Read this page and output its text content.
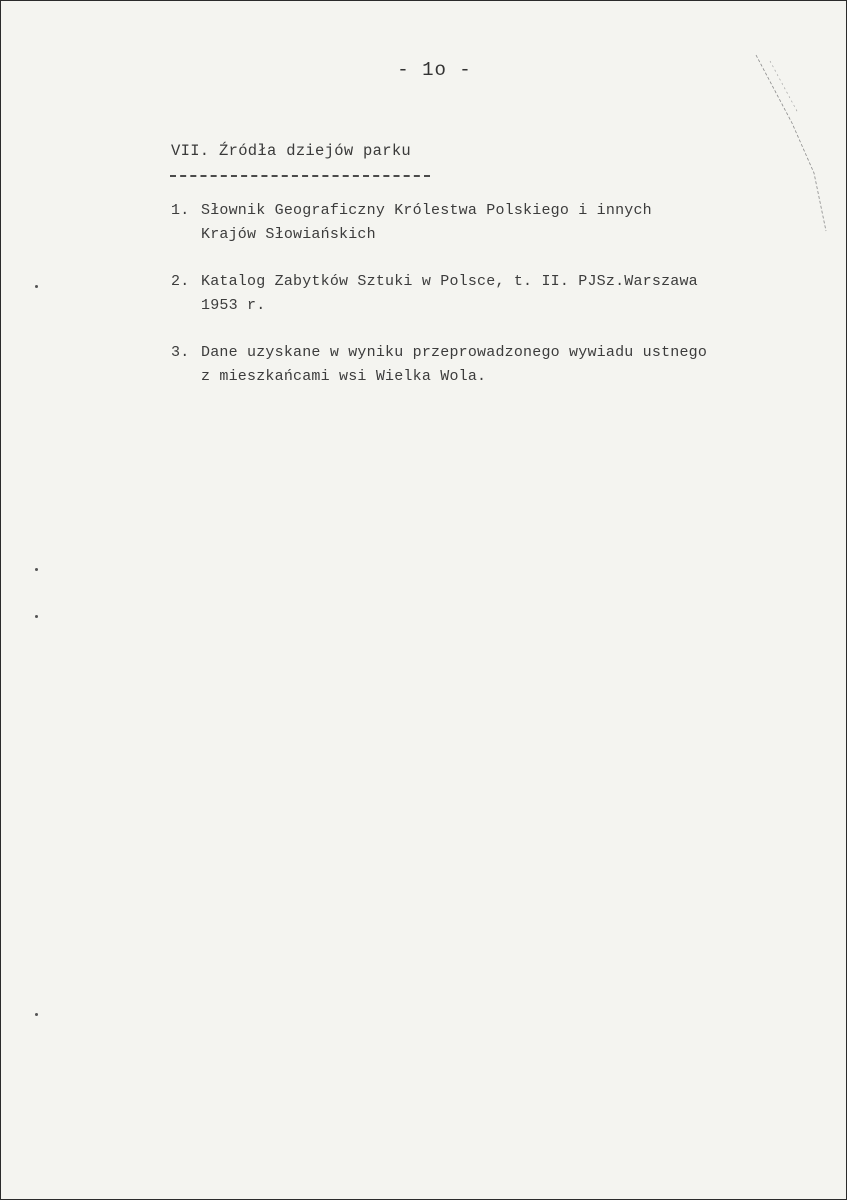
- 1o -
VII. Źródła dziejów parku
1. Słownik Geograficzny Królestwa Polskiego i innych
Krajów Słowiańskich
2. Katalog Zabytków Sztuki w Polsce, t. II. PJSz.Warszawa
1953 r.
3. Dane uzyskane w wyniku przeprowadzonego wywiadu ustnego
z mieszkańcami wsi Wielka Wola.
